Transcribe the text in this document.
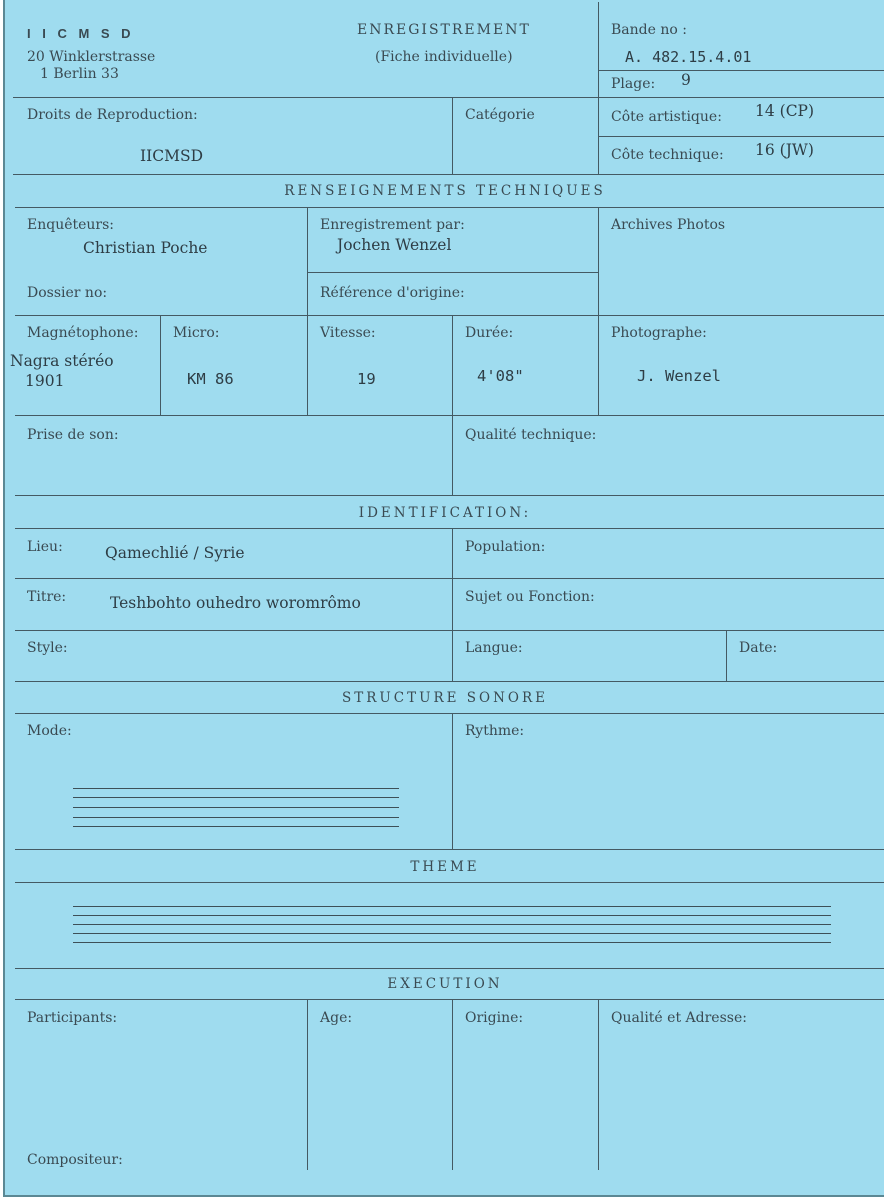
I I C M S D
20 Winklerstrasse
1 Berlin 33
ENREGISTREMENT
(Fiche individuelle)
Bande no :
A. 482.15.4.01
Plage: 9
Droits de Reproduction:
IICMSD
Catégorie	Côte artistique: 14 (CP)
Côte technique: 16 (JW)
RENSEIGNEMENTS TECHNIQUES
Enquêteurs:
Christian Poche
Enregistrement par:
Jochen Wenzel
Archives Photos
Dossier no:	Référence d'origine:
Magnétophone:
Nagra stéréo
1901
Micro:
KM 86
Vitesse:
19
Durée:
4'08"
Photographe:
J. Wenzel
Prise de son:	Qualité technique:
IDENTIFICATION:
Lieu:	Qamechlié / Syrie	Population:
Titre:	Teshbohto ouhedro woromrômo	Sujet ou Fonction:
Style:	Langue:	Date:
STRUCTURE SONORE
Mode:	Rythme:
THEME
EXECUTION
Participants:	Age:	Origine:	Qualité et Adresse:
Compositeur:
